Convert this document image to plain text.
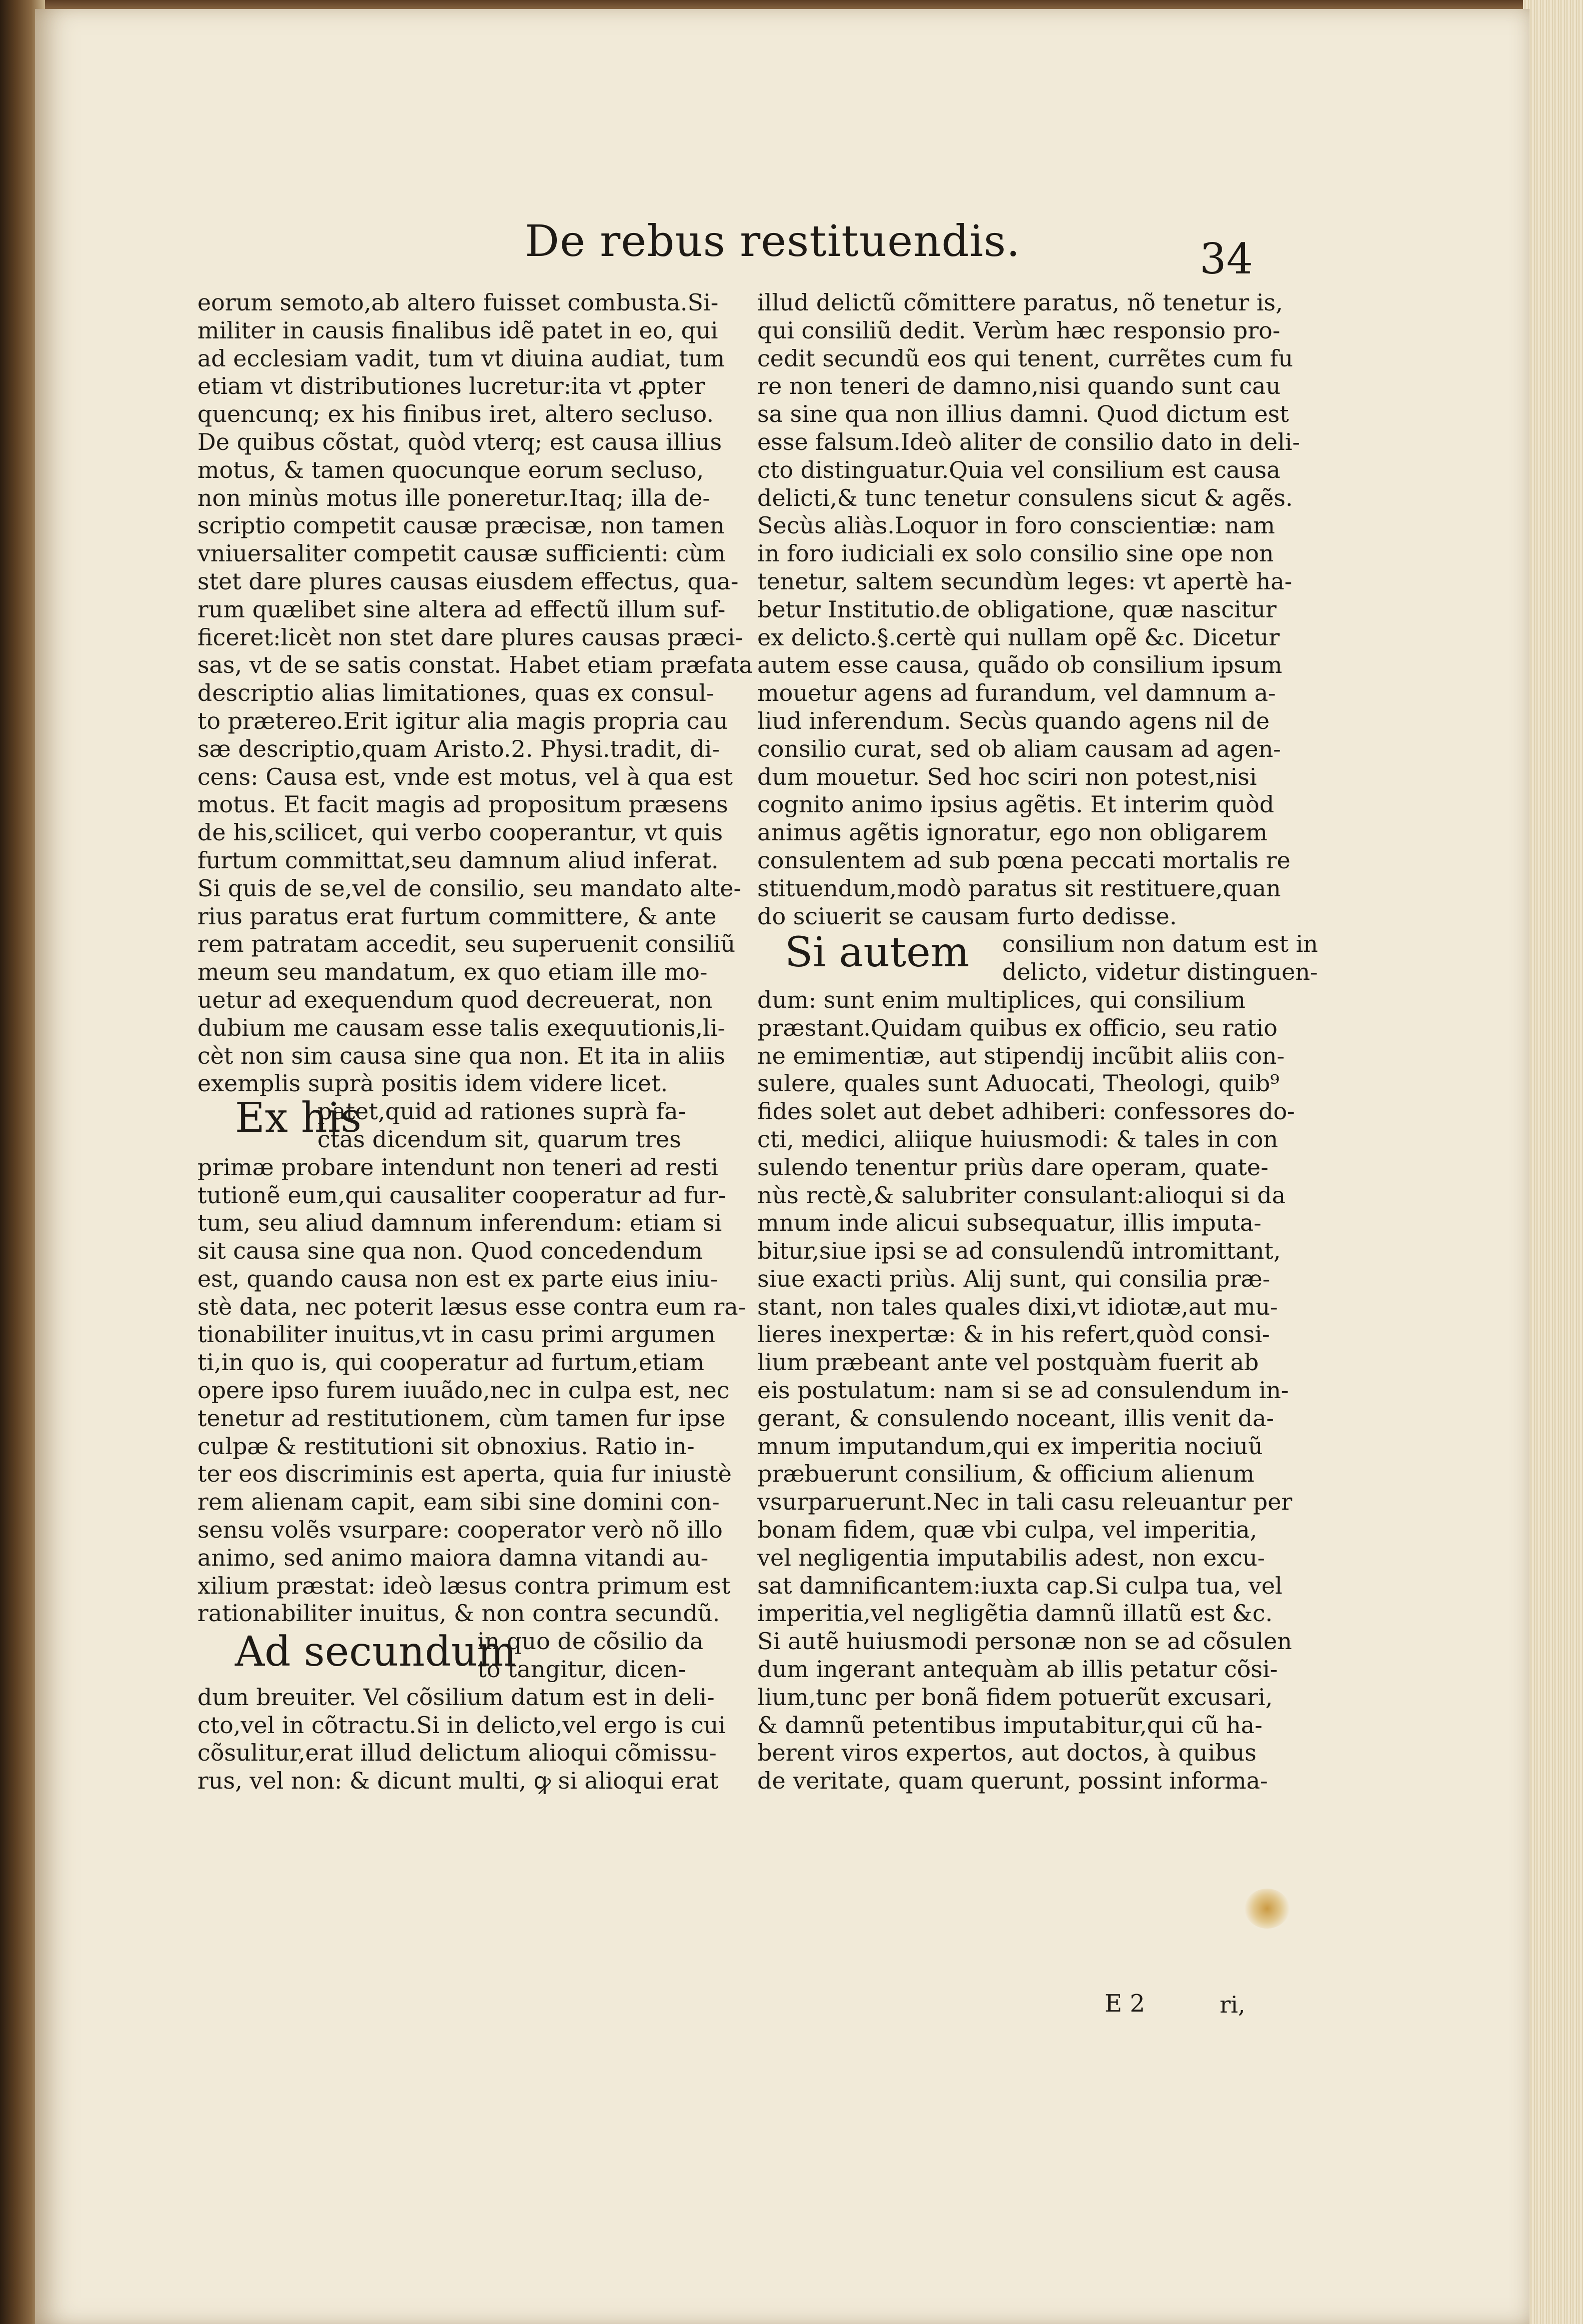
De rebus restituendis.	34
eorum semoto,ab altero fuisset combusta.Si-
militer in causis finalibus idẽ patet in eo, qui
ad ecclesiam vadit, tum vt diuina audiat, tum
etiam vt distributiones lucretur:ita vt ꝓpter
quencunq; ex his finibus iret, altero secluso.
De quibus cõstat, quòd vterq; est causa illius
motus, & tamen quocunque eorum secluso,
non minùs motus ille poneretur.Itaq; illa de-
scriptio competit causæ præcisæ, non tamen
vniuersaliter competit causæ sufficienti: cùm
stet dare plures causas eiusdem effectus, qua-
rum quælibet sine altera ad effectũ illum suf-
ficeret:licèt non stet dare plures causas præci-
sas, vt de se satis constat. Habet etiam præfata
descriptio alias limitationes, quas ex consul-
to prætereo.Erit igitur alia magis propria cau
sæ descriptio,quam Aristo.2. Physi.tradit, di-
cens: Causa est, vnde est motus, vel à qua est
motus. Et facit magis ad propositum præsens
de his,scilicet, qui verbo cooperantur, vt quis
furtum committat,seu damnum aliud inferat.
Si quis de se,vel de consilio, seu mandato alte-
rius paratus erat furtum committere, & ante
rem patratam accedit, seu superuenit consiliũ
meum seu mandatum, ex quo etiam ille mo-
uetur ad exequendum quod decreuerat, non
dubium me causam esse talis exequutionis,li-
cèt non sim causa sine qua non. Et ita in aliis
exemplis suprà positis idem videre licet.
Ex his
patet,quid ad rationes suprà fa-
ctas dicendum sit, quarum tres
primæ probare intendunt non teneri ad resti
tutionẽ eum,qui causaliter cooperatur ad fur-
tum, seu aliud damnum inferendum: etiam si
sit causa sine qua non. Quod concedendum
est, quando causa non est ex parte eius iniu-
stè data, nec poterit læsus esse contra eum ra-
tionabiliter inuitus,vt in casu primi argumen
ti,in quo is, qui cooperatur ad furtum,etiam
opere ipso furem iuuãdo,nec in culpa est, nec
tenetur ad restitutionem, cùm tamen fur ipse
culpæ & restitutioni sit obnoxius. Ratio in-
ter eos discriminis est aperta, quia fur iniustè
rem alienam capit, eam sibi sine domini con-
sensu volẽs vsurpare: cooperator verò nõ illo
animo, sed animo maiora damna vitandi au-
xilium præstat: ideò læsus contra primum est
rationabiliter inuitus, & non contra secundũ.
Ad secundum
in quo de cõsilio da
to tangitur, dicen-
dum breuiter. Vel cõsilium datum est in deli-
cto,vel in cõtractu.Si in delicto,vel ergo is cui
cõsulitur,erat illud delictum alioqui cõmissu-
rus, vel non: & dicunt multi, ꝙ si alioqui erat
illud delictũ cõmittere paratus, nõ tenetur is,
qui consiliũ dedit. Verùm hæc responsio pro-
cedit secundũ eos qui tenent, currẽtes cum fu
re non teneri de damno,nisi quando sunt cau
sa sine qua non illius damni. Quod dictum est
esse falsum.Ideò aliter de consilio dato in deli-
cto distinguatur.Quia vel consilium est causa
delicti,& tunc tenetur consulens sicut & agẽs.
Secùs aliàs.Loquor in foro conscientiæ: nam
in foro iudiciali ex solo consilio sine ope non
tenetur, saltem secundùm leges: vt apertè ha-
betur Institutio.de obligatione, quæ nascitur
ex delicto.§.certè qui nullam opẽ &c. Dicetur
autem esse causa, quãdo ob consilium ipsum
mouetur agens ad furandum, vel damnum a-
liud inferendum. Secùs quando agens nil de
consilio curat, sed ob aliam causam ad agen-
dum mouetur. Sed hoc sciri non potest,nisi
cognito animo ipsius agẽtis. Et interim quòd
animus agẽtis ignoratur, ego non obligarem
consulentem ad sub pœna peccati mortalis re
stituendum,modò paratus sit restituere,quan
do sciuerit se causam furto dedisse.
Si autem	consilium non datum est in
delicto, videtur distinguen-
dum: sunt enim multiplices, qui consilium
præstant.Quidam quibus ex officio, seu ratio
ne emimentiæ, aut stipendij incũbit aliis con-
sulere, quales sunt Aduocati, Theologi, quib⁹
fides solet aut debet adhiberi: confessores do-
cti, medici, aliique huiusmodi: & tales in con
sulendo tenentur priùs dare operam, quate-
nùs rectè,& salubriter consulant:alioqui si da
mnum inde alicui subsequatur, illis imputa-
bitur,siue ipsi se ad consulendũ intromittant,
siue exacti priùs. Alij sunt, qui consilia præ-
stant, non tales quales dixi,vt idiotæ,aut mu-
lieres inexpertæ: & in his refert,quòd consi-
lium præbeant ante vel postquàm fuerit ab
eis postulatum: nam si se ad consulendum in-
gerant, & consulendo noceant, illis venit da-
mnum imputandum,qui ex imperitia nociuũ
præbuerunt consilium, & officium alienum
vsurparuerunt.Nec in tali casu releuantur per
bonam fidem, quæ vbi culpa, vel imperitia,
vel negligentia imputabilis adest, non excu-
sat damnificantem:iuxta cap.Si culpa tua, vel
imperitia,vel negligẽtia damnũ illatũ est &c.
Si autẽ huiusmodi personæ non se ad cõsulen
dum ingerant antequàm ab illis petatur cõsi-
lium,tunc per bonã fidem potuerũt excusari,
& damnũ petentibus imputabitur,qui cũ ha-
berent viros expertos, aut doctos, à quibus
de veritate, quam querunt, possint informa-
E 2	ri,
